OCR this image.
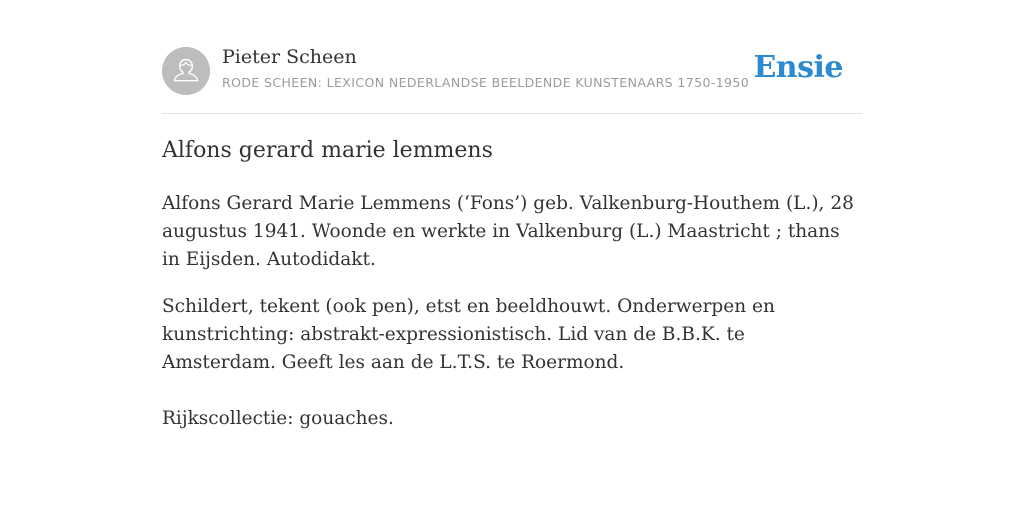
Pieter Scheen
RODE SCHEEN: LEXICON NEDERLANDSE BEELDENDE KUNSTENAARS 1750-1950 Ensie
Alfons gerard marie lemmens

Alfons Gerard Marie Lemmens (‘Fons’) geb. Valkenburg-Houthem (L.), 28 augustus 1941. Woonde en werkte in Valkenburg (L.) Maastricht ; thans in Eijsden. Autodidakt.

Schildert, tekent (ook pen), etst en beeldhouwt. Onderwerpen en kunstrichting: abstrakt-expressionistisch. Lid van de B.B.K. te Amsterdam. Geeft les aan de L.T.S. te Roermond.

Rijkscollectie: gouaches.
